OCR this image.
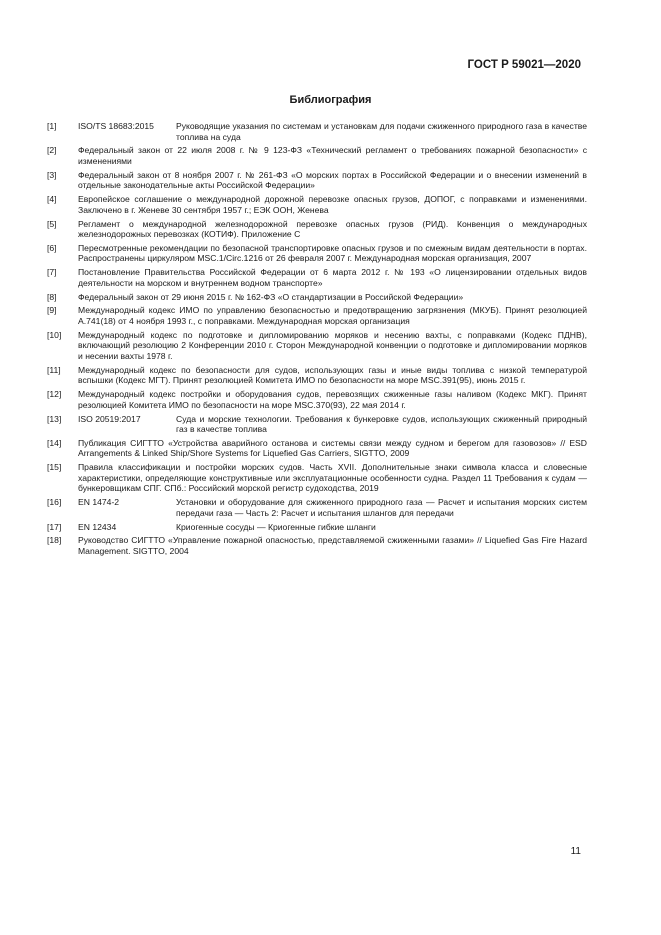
ГОСТ Р 59021—2020
Библиография
[1] ISO/TS 18683:2015	Руководящие указания по системам и установкам для подачи сжиженного природного газа в качестве топлива на суда
[2] Федеральный закон от 22 июля 2008 г. № 9 123-ФЗ «Технический регламент о требованиях пожарной безопасности» с изменениями
[3] Федеральный закон от 8 ноября 2007 г. № 261-ФЗ «О морских портах в Российской Федерации и о внесении изменений в отдельные законодательные акты Российской Федерации»
[4] Европейское соглашение о международной дорожной перевозке опасных грузов, ДОПОГ, с поправками и изменениями. Заключено в г. Женеве 30 сентября 1957 г.; ЕЭК ООН, Женева
[5] Регламент о международной железнодорожной перевозке опасных грузов (РИД). Конвенция о международных железнодорожных перевозках (КОТИФ). Приложение С
[6] Пересмотренные рекомендации по безопасной транспортировке опасных грузов и по смежным видам деятельности в портах. Распространены циркуляром MSC.1/Circ.1216 от 26 февраля 2007 г. Международная морская организация, 2007
[7] Постановление Правительства Российской Федерации от 6 марта 2012 г. № 193 «О лицензировании отдельных видов деятельности на морском и внутреннем водном транспорте»
[8] Федеральный закон от 29 июня 2015 г. № 162-ФЗ «О стандартизации в Российской Федерации»
[9] Международный кодекс ИМО по управлению безопасностью и предотвращению загрязнения (МКУБ). Принят резолюцией А.741(18) от 4 ноября 1993 г., с поправками. Международная морская организация
[10] Международный кодекс по подготовке и дипломированию моряков и несению вахты, с поправками (Кодекс ПДНВ), включающий резолюцию 2 Конференции 2010 г. Сторон Международной конвенции о подготовке и дипломировании моряков и несении вахты 1978 г.
[11] Международный кодекс по безопасности для судов, использующих газы и иные виды топлива с низкой температурой вспышки (Кодекс МГТ). Принят резолюцией Комитета ИМО по безопасности на море MSC.391(95), июнь 2015 г.
[12] Международный кодекс постройки и оборудования судов, перевозящих сжиженные газы наливом (Кодекс МКГ). Принят резолюцией Комитета ИМО по безопасности на море MSC.370(93), 22 мая 2014 г.
[13] ISO 20519:2017	Суда и морские технологии. Требования к бункеровке судов, использующих сжиженный природный газ в качестве топлива
[14] Публикация СИГТТО «Устройства аварийного останова и системы связи между судном и берегом для газовозов» // ESD Arrangements & Linked Ship/Shore Systems for Liquefied Gas Carriers, SIGTTO, 2009
[15] Правила классификации и постройки морских судов. Часть XVII. Дополнительные знаки символа класса и словесные характеристики, определяющие конструктивные или эксплуатационные особенности судна. Раздел 11 Требования к судам — бункеровщикам СПГ. СПб.: Российский морской регистр судоходства, 2019
[16] EN 1474-2	Установки и оборудование для сжиженного природного газа — Расчет и испытания морских систем передачи газа — Часть 2: Расчет и испытания шлангов для передачи
[17] EN 12434	Криогенные сосуды — Криогенные гибкие шланги
[18] Руководство СИГТТО «Управление пожарной опасностью, представляемой сжиженными газами» // Liquefied Gas Fire Hazard Management. SIGTTO, 2004
11
